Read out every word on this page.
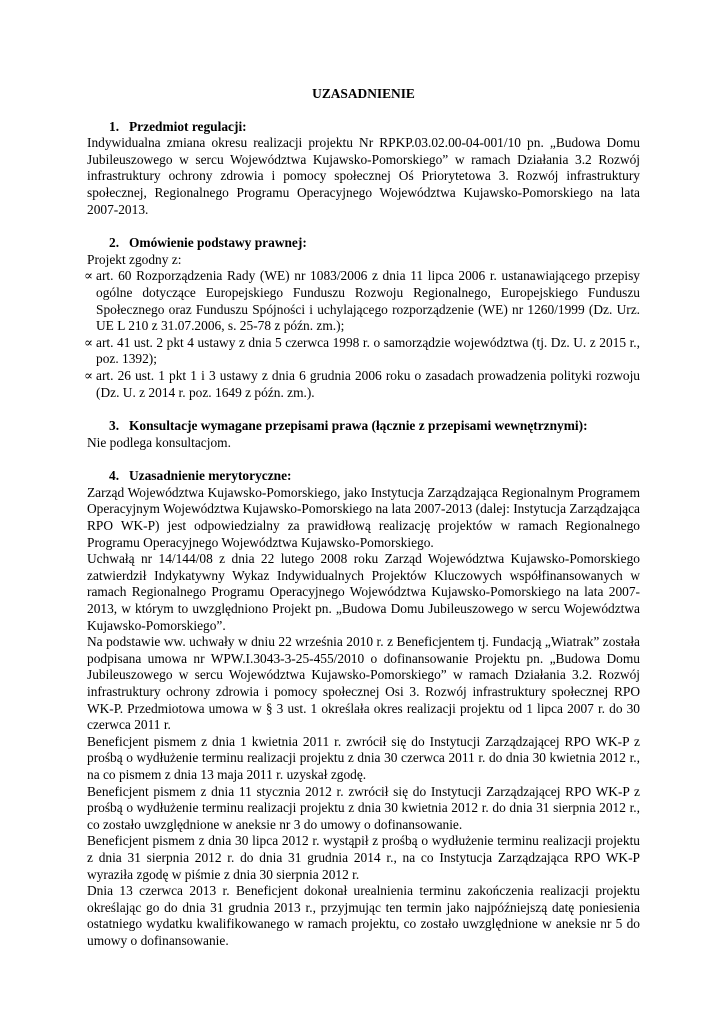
UZASADNIENIE
1. Przedmiot regulacji:

Indywidualna zmiana okresu realizacji projektu Nr RPKP.03.02.00-04-001/10 pn. „Budowa Domu Jubileuszowego w sercu Województwa Kujawsko-Pomorskiego” w ramach Działania 3.2 Rozwój infrastruktury ochrony zdrowia i pomocy społecznej Oś Priorytetowa 3. Rozwój infrastruktury społecznej, Regionalnego Programu Operacyjnego Województwa Kujawsko-Pomorskiego na lata 2007-2013.

2. Omówienie podstawy prawnej:

Projekt zgodny z:

∝ art. 60 Rozporządzenia Rady (WE) nr 1083/2006 z dnia 11 lipca 2006 r. ustanawiającego przepisy ogólne dotyczące Europejskiego Funduszu Rozwoju Regionalnego, Europejskiego Funduszu Społecznego oraz Funduszu Spójności i uchylającego rozporządzenie (WE) nr 1260/1999 (Dz. Urz. UE L 210 z 31.07.2006, s. 25-78 z późn. zm.);
∝ art. 41 ust. 2 pkt 4 ustawy z dnia 5 czerwca 1998 r. o samorządzie województwa (tj. Dz. U. z 2015 r., poz. 1392);
∝ art. 26 ust. 1 pkt 1 i 3 ustawy z dnia 6 grudnia 2006 roku o zasadach prowadzenia polityki rozwoju (Dz. U. z 2014 r. poz. 1649 z późn. zm.).
3. Konsultacje wymagane przepisami prawa (łącznie z przepisami wewnętrznymi):

Nie podlega konsultacjom.

4. Uzasadnienie merytoryczne:

Zarząd Województwa Kujawsko-Pomorskiego, jako Instytucja Zarządzająca Regionalnym Programem Operacyjnym Województwa Kujawsko-Pomorskiego na lata 2007-2013 (dalej: Instytucja Zarządzająca RPO WK-P) jest odpowiedzialny za prawidłową realizację projektów w ramach Regionalnego Programu Operacyjnego Województwa Kujawsko-Pomorskiego.

Uchwałą nr 14/144/08 z dnia 22 lutego 2008 roku Zarząd Województwa Kujawsko-Pomorskiego zatwierdził Indykatywny Wykaz Indywidualnych Projektów Kluczowych współfinansowanych w ramach Regionalnego Programu Operacyjnego Województwa Kujawsko-Pomorskiego na lata 2007-2013, w którym to uwzględniono Projekt pn. „Budowa Domu Jubileuszowego w sercu Województwa Kujawsko-Pomorskiego”.

Na podstawie ww. uchwały w dniu 22 września 2010 r. z Beneficjentem tj. Fundacją „Wiatrak” została podpisana umowa nr WPW.I.3043-3-25-455/2010 o dofinansowanie Projektu pn. „Budowa Domu Jubileuszowego w sercu Województwa Kujawsko-Pomorskiego” w ramach Działania 3.2. Rozwój infrastruktury ochrony zdrowia i pomocy społecznej Osi 3. Rozwój infrastruktury społecznej RPO WK-P. Przedmiotowa umowa w § 3 ust. 1 określała okres realizacji projektu od 1 lipca 2007 r. do 30 czerwca 2011 r.

Beneficjent pismem z dnia 1 kwietnia 2011 r. zwrócił się do Instytucji Zarządzającej RPO WK-P z prośbą o wydłużenie terminu realizacji projektu z dnia 30 czerwca 2011 r. do dnia 30 kwietnia 2012 r., na co pismem z dnia 13 maja 2011 r. uzyskał zgodę.

Beneficjent pismem z dnia 11 stycznia 2012 r. zwrócił się do Instytucji Zarządzającej RPO WK-P z prośbą o wydłużenie terminu realizacji projektu z dnia 30 kwietnia 2012 r. do dnia 31 sierpnia 2012 r., co zostało uwzględnione w aneksie nr 3 do umowy o dofinansowanie.

Beneficjent pismem z dnia 30 lipca 2012 r. wystąpił z prośbą o wydłużenie terminu realizacji projektu z dnia 31 sierpnia 2012 r. do dnia 31 grudnia 2014 r., na co Instytucja Zarządzająca RPO WK-P wyraziła zgodę w piśmie z dnia 30 sierpnia 2012 r.

Dnia 13 czerwca 2013 r. Beneficjent dokonał urealnienia terminu zakończenia realizacji projektu określając go do dnia 31 grudnia 2013 r., przyjmując ten termin jako najpóźniejszą datę poniesienia ostatniego wydatku kwalifikowanego w ramach projektu, co zostało uwzględnione w aneksie nr 5 do umowy o dofinansowanie.
